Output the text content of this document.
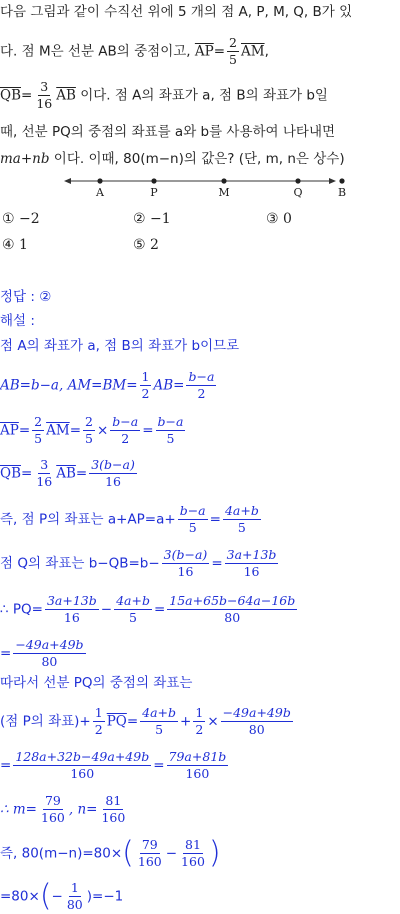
다음 그림과 같이 수직선 위에 5 개의 점 A, P, M, Q, B가 있
다. 점 M은 선분 AB의 중점이고, $\overline{AP}= \frac{2}{5} \overline{AM}$,
$\overline{QB}= \frac{3}{16} \overline{AB}$ 이다. 점 A의 좌표가 a, 점 B의 좌표가 b일
때, 선분 PQ의 중점의 좌표를 a와 b를 사용하여 나타내면
ma+nb 이다. 이때, 80(m−n)의 값은? (단, m, n은 상수)
A	P	M	Q	B
① −2	② −1	③ 0
④ 1	⑤ 2
정답 : ②
해설 :
점 A의 좌표가 a, 점 B의 좌표가 b이므로
AB=b−a, $AM=BM= \frac{1}{2} AB= \frac{b-a}{2}$
$\overline{AP}= \frac{2}{5} \overline{AM}= \frac{2}{5} \times \frac{b-a}{2} = \frac{b-a}{5}$
$\overline{QB}= \frac{3}{16} \overline{AB}= \frac{3(b-a)}{16}$
즉, 점 P의 좌표는 $a+AP=a+ \frac{b-a}{5} = \frac{4a+b}{5}$
점 Q의 좌표는 $b-QB=b- \frac{3(b-a)}{16} = \frac{3a+13b}{16}$
∴ $PQ= \frac{3a+13b}{16} - \frac{4a+b}{5} = \frac{15a+65b-64a-16b}{80}$
= $\frac{-49a+49b}{80}$
따라서 선분 PQ의 중점의 좌표는
(점 P의 좌표)+ $\frac{1}{2} \overline{PQ}= \frac{4a+b}{5} + \frac{1}{2} \times \frac{-49a+49b}{80}$
= $\frac{128a+32b-49a+49b}{160} = \frac{79a+81b}{160}$
∴ $m= \frac{79}{160}$ , $n= \frac{81}{160}$
즉, $80(m-n)=80\times( \frac{79}{160} - \frac{81}{160}$ )
$=80\times(- \frac{1}{80} )=-1$
